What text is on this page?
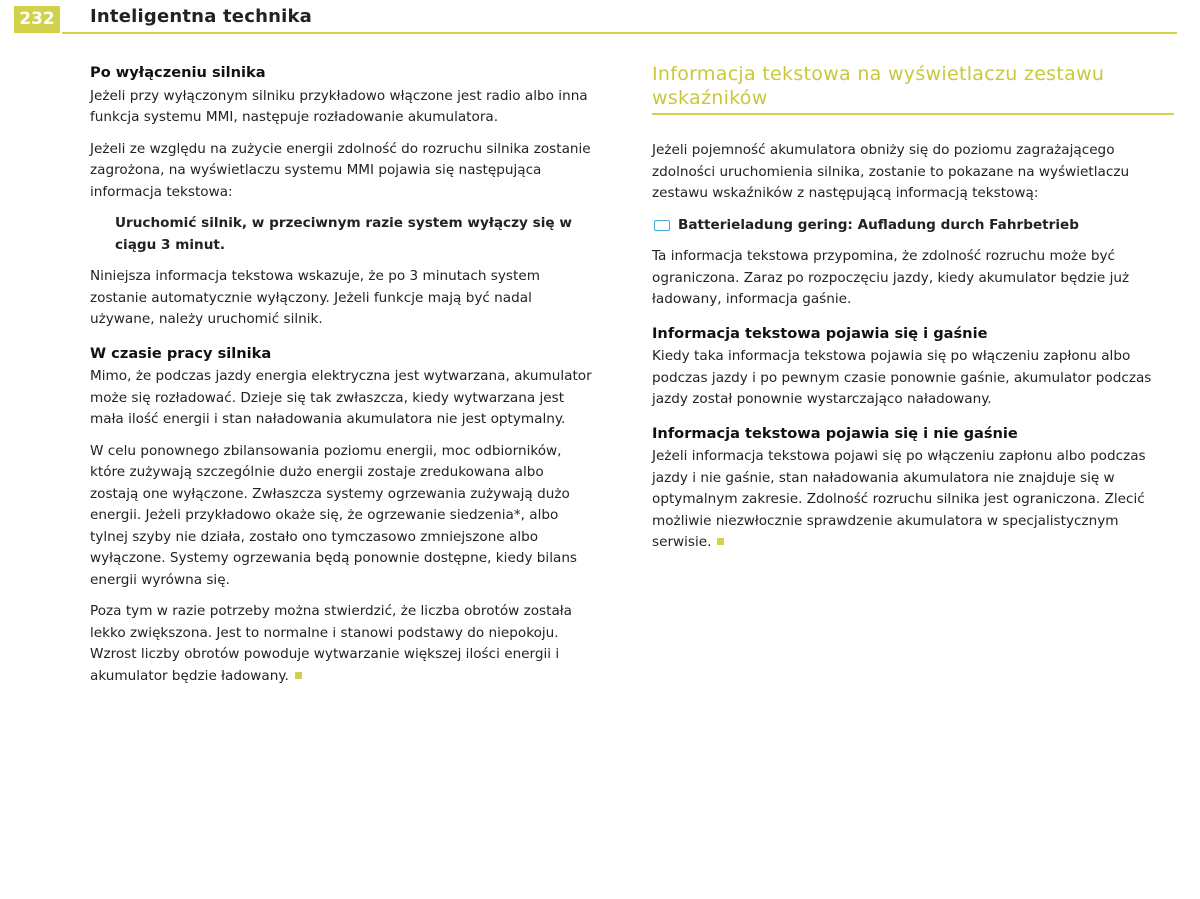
232 Inteligentna technika
Po wyłączeniu silnika

Jeżeli przy wyłączonym silniku przykładowo włączone jest radio albo inna funkcja systemu MMI, następuje rozładowanie akumulatora.

Jeżeli ze względu na zużycie energii zdolność do rozruchu silnika zostanie zagrożona, na wyświetlaczu systemu MMI pojawia się następująca informacja tekstowa:

Uruchomić silnik, w przeciwnym razie system wyłączy się w ciągu 3 minut.

Niniejsza informacja tekstowa wskazuje, że po 3 minutach system zostanie automatycznie wyłączony. Jeżeli funkcje mają być nadal używane, należy uruchomić silnik.

W czasie pracy silnika

Mimo, że podczas jazdy energia elektryczna jest wytwarzana, akumulator może się rozładować. Dzieje się tak zwłaszcza, kiedy wytwarzana jest mała ilość energii i stan naładowania akumulatora nie jest optymalny.

W celu ponownego zbilansowania poziomu energii, moc odbiorników, które zużywają szczególnie dużo energii zostaje zredukowana albo zostają one wyłączone. Zwłaszcza systemy ogrzewania zużywają dużo energii. Jeżeli przykładowo okaże się, że ogrzewanie siedzenia*, albo tylnej szyby nie działa, zostało ono tymczasowo zmniejszone albo wyłączone. Systemy ogrzewania będą ponownie dostępne, kiedy bilans energii wyrówna się.

Poza tym w razie potrzeby można stwierdzić, że liczba obrotów została lekko zwiększona. Jest to normalne i stanowi podstawy do niepokoju. Wzrost liczby obrotów powoduje wytwarzanie większej ilości energii i akumulator będzie ładowany.

Informacja tekstowa na wyświetlaczu zestawu wskaźników

Jeżeli pojemność akumulatora obniży się do poziomu zagrażającego zdolności uruchomienia silnika, zostanie to pokazane na wyświetlaczu zestawu wskaźników z następującą informacją tekstową:

Batterieladung gering: Aufladung durch Fahrbetrieb

Ta informacja tekstowa przypomina, że zdolność rozruchu może być ograniczona. Zaraz po rozpoczęciu jazdy, kiedy akumulator będzie już ładowany, informacja gaśnie.

Informacja tekstowa pojawia się i gaśnie

Kiedy taka informacja tekstowa pojawia się po włączeniu zapłonu albo podczas jazdy i po pewnym czasie ponownie gaśnie, akumulator podczas jazdy został ponownie wystarczająco naładowany.

Informacja tekstowa pojawia się i nie gaśnie

Jeżeli informacja tekstowa pojawi się po włączeniu zapłonu albo podczas jazdy i nie gaśnie, stan naładowania akumulatora nie znajduje się w optymalnym zakresie. Zdolność rozruchu silnika jest ograniczona. Zlecić możliwie niezwłocznie sprawdzenie akumulatora w specjalistycznym serwisie.
